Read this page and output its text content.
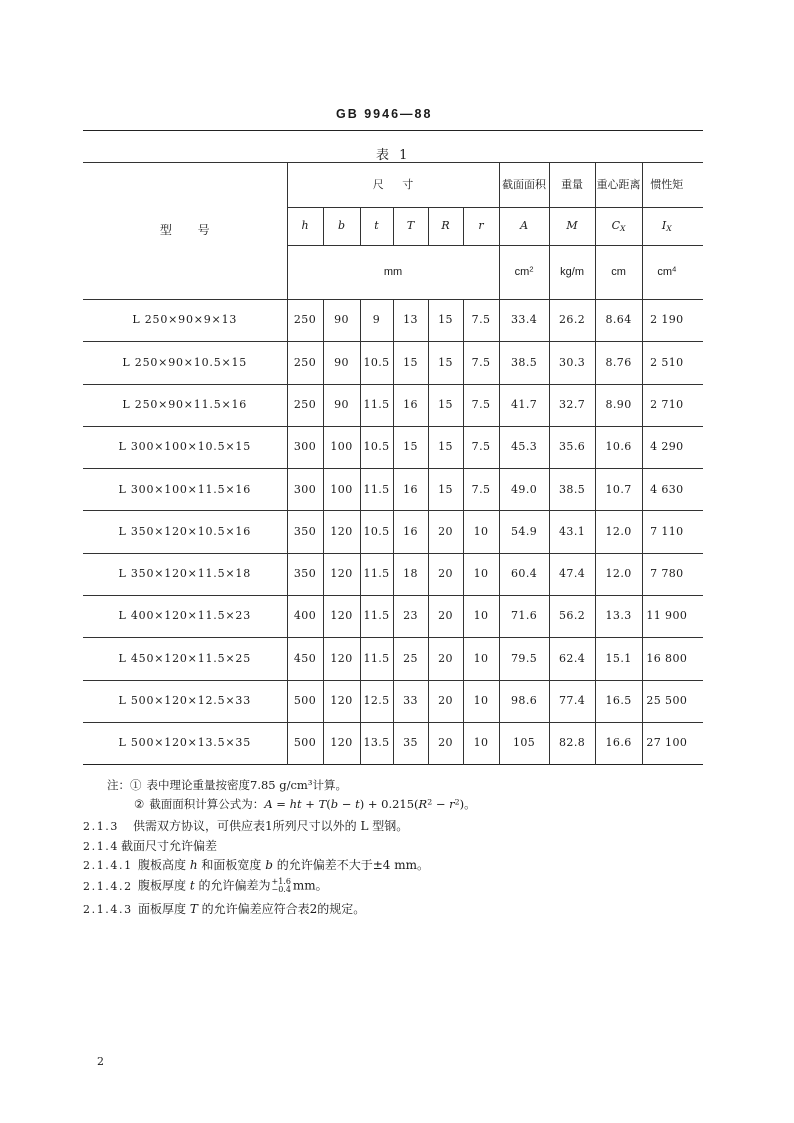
GB 9946—88
表 1
型 号	尺 寸						截面面积	重量	重心距离	惯性矩
	h	b	t	T	R	r	A	M	$C_X$	$I_X$
	mm						$cm^2$	kg/m	cm	$cm^4$
L 250×90×9×13	250	90	9	13	15	7.5	33.4	26.2	8.64	2 190
L 250×90×10.5×15	250	90	10.5	15	15	7.5	38.5	30.3	8.76	2 510
L 250×90×11.5×16	250	90	11.5	16	15	7.5	41.7	32.7	8.90	2 710
L 300×100×10.5×15	300	100	10.5	15	15	7.5	45.3	35.6	10.6	4 290
L 300×100×11.5×16	300	100	11.5	16	15	7.5	49.0	38.5	10.7	4 630
L 350×120×10.5×16	350	120	10.5	16	20	10	54.9	43.1	12.0	7 110
L 350×120×11.5×18	350	120	11.5	18	20	10	60.4	47.4	12.0	7 780
L 400×120×11.5×23	400	120	11.5	23	20	10	71.6	56.2	13.3	11 900
L 450×120×11.5×25	450	120	11.5	25	20	10	79.5	62.4	15.1	16 800
L 500×120×12.5×33	500	120	12.5	33	20	10	98.6	77.4	16.5	25 500
L 500×120×13.5×35	500	120	13.5	35	20	10	105	82.8	16.6	27 100
注：① 表中理论重量按密度7.85 g/cm³计算。
② 截面面积计算公式为：A = ht + $T(b - t) + 0.215(R^2 - r^2)$。
2.1.3 供需双方协议，可供应表1所列尺寸以外的 L 型钢。
2.1.4 截面尺寸允许偏差
2.1.4.1 腹板高度 h 和面板宽度 b 的允许偏差不大于±4 mm。
2.1.4.2 腹板厚度 t 的允许偏差为 +1.6
−0.4 mm。
2.1.4.3 面板厚度 T 的允许偏差应符合表2的规定。
2
